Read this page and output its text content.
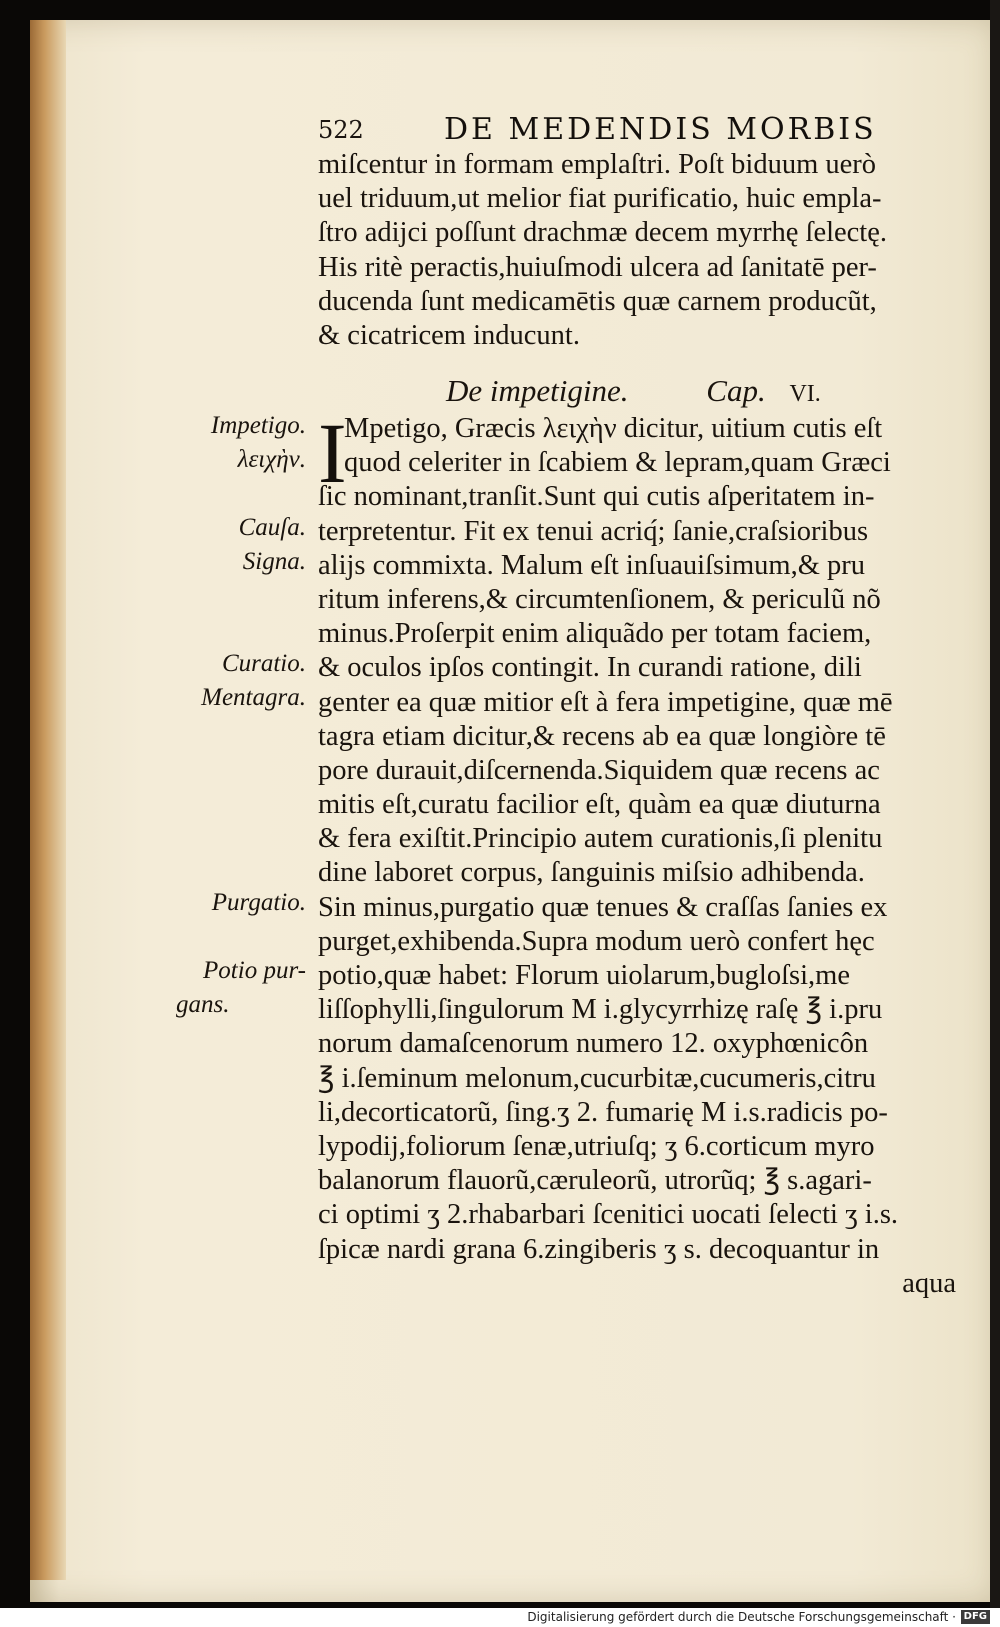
522	DE MEDENDIS MORBIS
miſcentur in formam emplaſtri. Poſt biduum uerò
uel triduum,ut melior fiat purificatio, huic empla-
ſtro adijci poſſunt drachmæ decem myrrhę ſelectę.
His ritè peractis,huiuſmodi ulcera ad ſanitatē per-
ducenda ſunt medicamētis quæ carnem producũt,
& cicatricem inducunt.
De impetigine.	Cap. VI.
I
Mpetigo, Græcis λειχὴν dicitur, uitium cutis eſt
quod celeriter in ſcabiem & lepram,quam Græci
ſic nominant,tranſit.Sunt qui cutis aſperitatem in-
terpretentur. Fit ex tenui acriq́; ſanie,craſsioribus
alijs commixta. Malum eſt inſuauiſsimum,& pru
ritum inferens,& circumtenſionem, & periculũ nõ
minus.Proſerpit enim aliquãdo per totam faciem,
& oculos ipſos contingit. In curandi ratione, dili
genter ea quæ mitior eſt à fera impetigine, quæ mē
tagra etiam dicitur,& recens ab ea quæ longiòre tē
pore durauit,diſcernenda.Siquidem quæ recens ac
mitis eſt,curatu facilior eſt, quàm ea quæ diuturna
& fera exiſtit.Principio autem curationis,ſi plenitu
dine laboret corpus, ſanguinis miſsio adhibenda.
Sin minus,purgatio quæ tenues & craſſas ſanies ex
purget,exhibenda.Supra modum uerò confert hęc
potio,quæ habet: Florum uiolarum,bugloſsi,me
liſſophylli,ſingulorum M i.glycyrrhizę raſę ℥ i.pru
norum damaſcenorum numero 12. oxyphœnicôn
℥ i.ſeminum melonum,cucurbitæ,cucumeris,citru
li,decorticatorũ, ſing.ʒ 2. fumarię M i.s.radicis po-
lypodij,foliorum ſenæ,utriuſq; ʒ 6.corticum myro
balanorum flauorũ,cæruleorũ, utrorũq; ℥ s.agari-
ci optimi ʒ 2.rhabarbari ſcenitici uocati ſelecti ʒ i.s.
ſpicæ nardi grana 6.zingiberis ʒ s. decoquantur in
aqua
Impetigo.
λειχὴν.
Cauſa.
Signa.
Curatio.
Mentagra.
Purgatio.
Potio pur-
gans.
Digitalisierung gefördert durch die Deutsche Forschungsgemeinschaft · DFG
